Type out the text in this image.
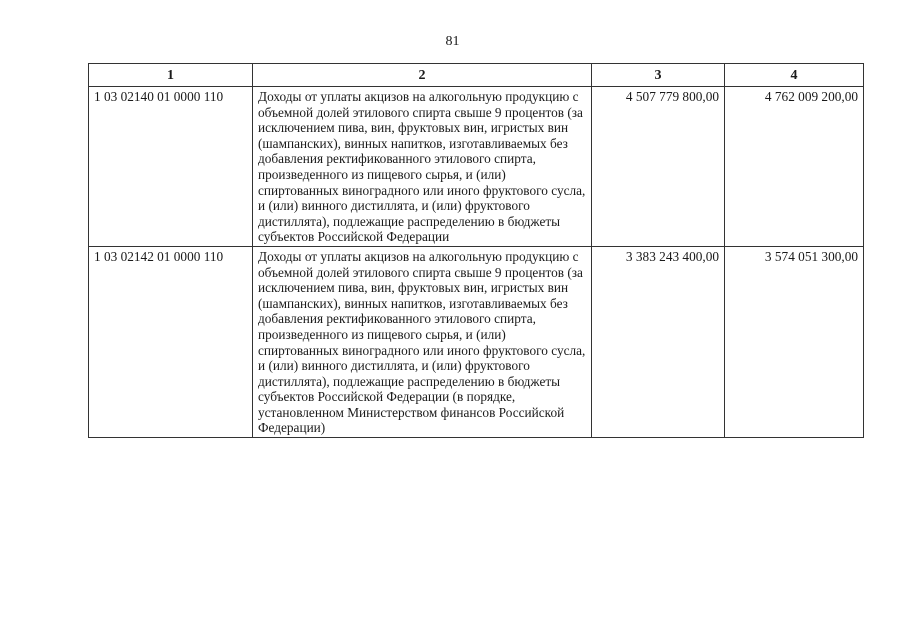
81
1	2	3	4
1 03 02140 01 0000 110	Доходы от уплаты акцизов на алкогольную продукцию с объемной долей этилового спирта свыше 9 процентов (за исключением пива, вин, фруктовых вин, игристых вин (шампанских), винных напитков, изготавливаемых без добавления ректификованного этилового спирта, произведенного из пищевого сырья, и (или) спиртованных виноградного или иного фруктового сусла, и (или) винного дистиллята, и (или) фруктового дистиллята), подлежащие распределению в бюджеты субъектов Российской Федерации	4 507 779 800,00	4 762 009 200,00
1 03 02142 01 0000 110	Доходы от уплаты акцизов на алкогольную продукцию с объемной долей этилового спирта свыше 9 процентов (за исключением пива, вин, фруктовых вин, игристых вин (шампанских), винных напитков, изготавливаемых без добавления ректификованного этилового спирта, произведенного из пищевого сырья, и (или) спиртованных виноградного или иного фруктового сусла, и (или) винного дистиллята, и (или) фруктового дистиллята), подлежащие распределению в бюджеты субъектов Российской Федерации (в порядке, установленном Министерством финансов Российской Федерации)	3 383 243 400,00	3 574 051 300,00
